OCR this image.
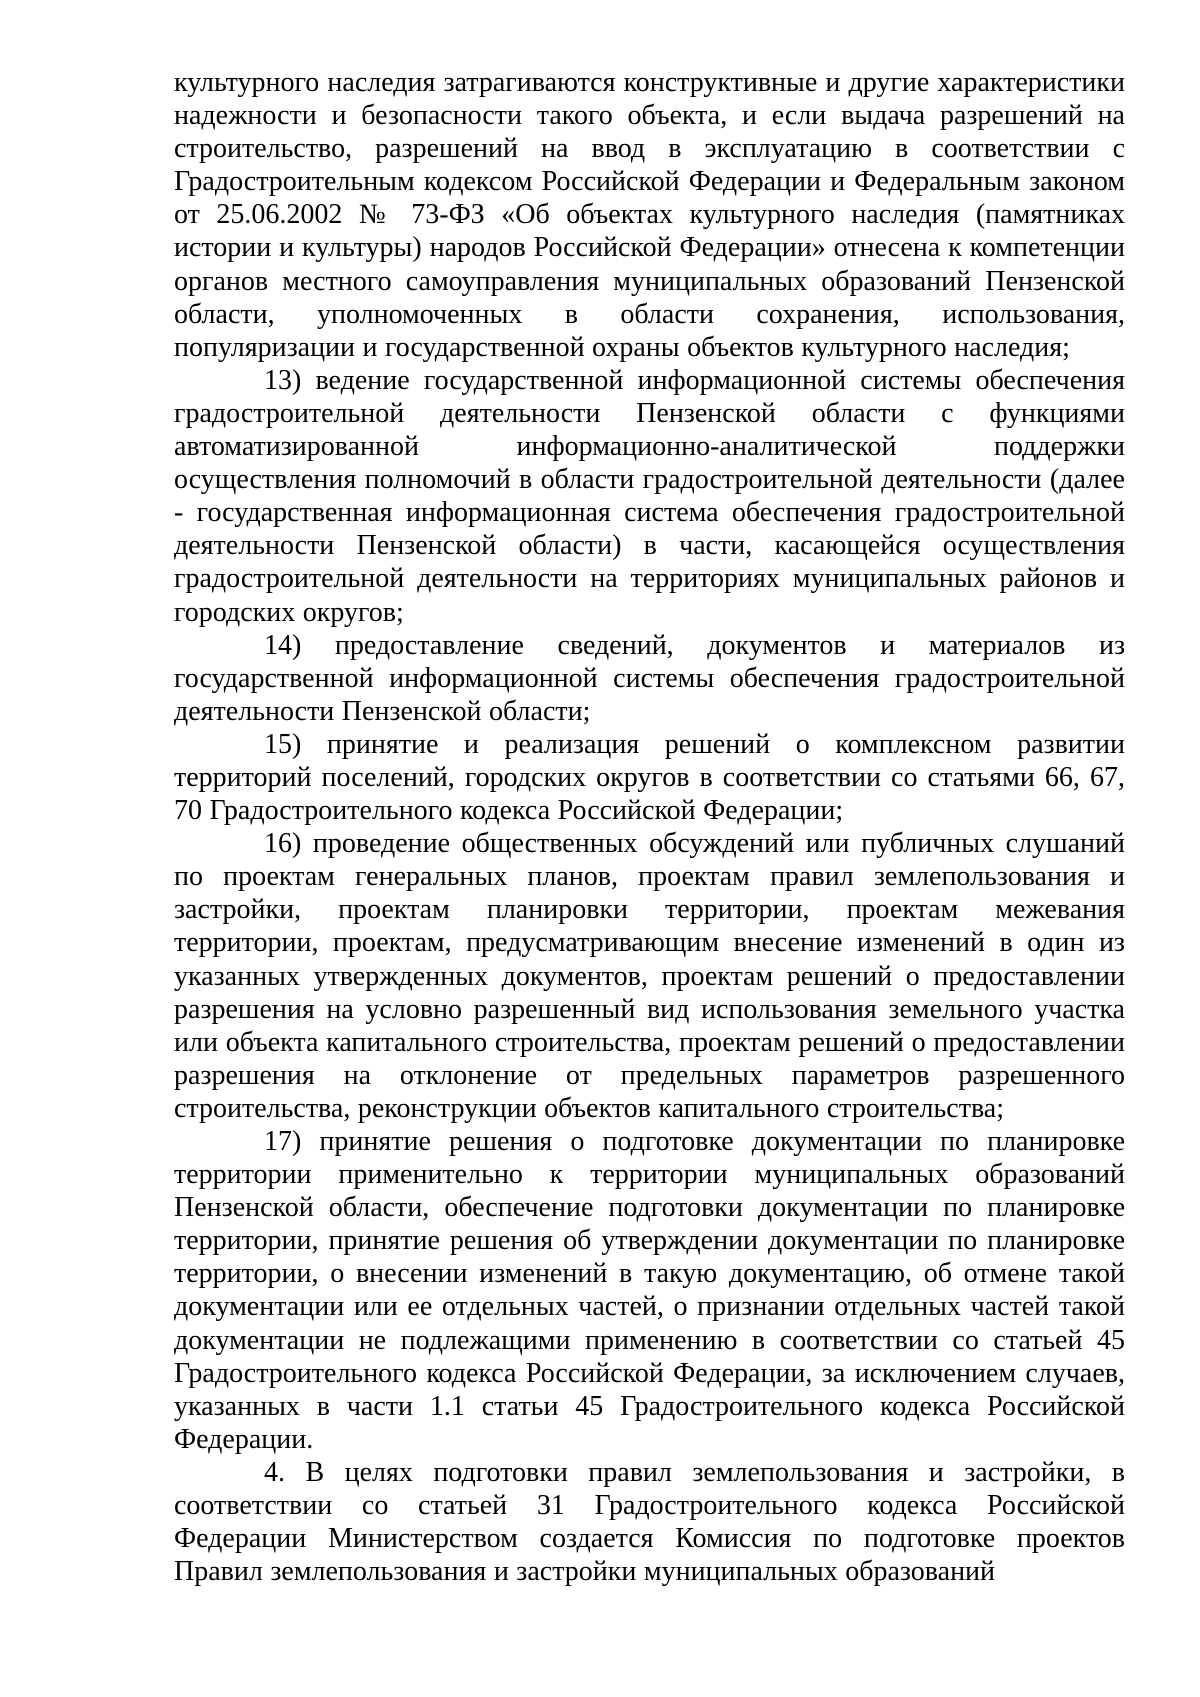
культурного наследия затрагиваются конструктивные и другие характеристики надежности и безопасности такого объекта, и если выдача разрешений на строительство, разрешений на ввод в эксплуатацию в соответствии с Градостроительным кодексом Российской Федерации и Федеральным законом от 25.06.2002 № 73-ФЗ «Об объектах культурного наследия (памятниках истории и культуры) народов Российской Федерации» отнесена к компетенции органов местного самоуправления муниципальных образований Пензенской области, уполномоченных в области сохранения, использования, популяризации и государственной охраны объектов культурного наследия;

13) ведение государственной информационной системы обеспечения градостроительной деятельности Пензенской области с функциями автоматизированной информационно-аналитической поддержки осуществления полномочий в области градостроительной деятельности (далее - государственная информационная система обеспечения градостроительной деятельности Пензенской области) в части, касающейся осуществления градостроительной деятельности на территориях муниципальных районов и городских округов;

14) предоставление сведений, документов и материалов из государственной информационной системы обеспечения градостроительной деятельности Пензенской области;

15) принятие и реализация решений о комплексном развитии территорий поселений, городских округов в соответствии со статьями 66, 67, 70 Градостроительного кодекса Российской Федерации;

16) проведение общественных обсуждений или публичных слушаний по проектам генеральных планов, проектам правил землепользования и застройки, проектам планировки территории, проектам межевания территории, проектам, предусматривающим внесение изменений в один из указанных утвержденных документов, проектам решений о предоставлении разрешения на условно разрешенный вид использования земельного участка или объекта капитального строительства, проектам решений о предоставлении разрешения на отклонение от предельных параметров разрешенного строительства, реконструкции объектов капитального строительства;

17) принятие решения о подготовке документации по планировке территории применительно к территории муниципальных образований Пензенской области, обеспечение подготовки документации по планировке территории, принятие решения об утверждении документации по планировке территории, о внесении изменений в такую документацию, об отмене такой документации или ее отдельных частей, о признании отдельных частей такой документации не подлежащими применению в соответствии со статьей 45 Градостроительного кодекса Российской Федерации, за исключением случаев, указанных в части 1.1 статьи 45 Градостроительного кодекса Российской Федерации.

4. В целях подготовки правил землепользования и застройки, в соответствии со статьей 31 Градостроительного кодекса Российской Федерации Министерством создается Комиссия по подготовке проектов Правил землепользования и застройки муниципальных образований
